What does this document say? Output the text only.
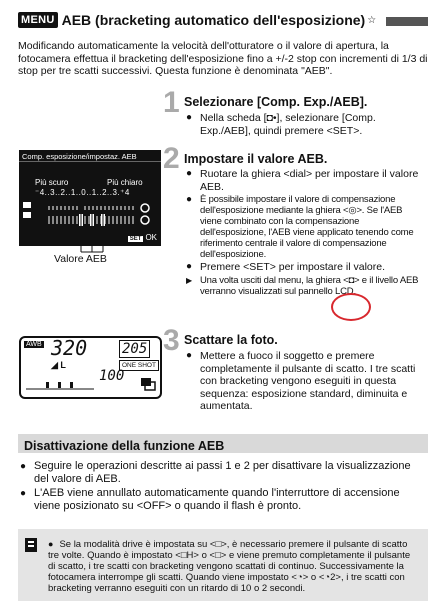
MENU AEB (bracketing automatico dell'esposizione) ☆

Modificando automaticamente la velocità dell'otturatore o il valore di apertura, la fotocamera effettua il bracketing dell'esposizione fino a +/-2 stop con incrementi di 1/3 di stop per tre scatti successivi. Questa funzione è denominata "AEB".

1 Selezionare [Comp. Exp./AEB].
● Nella scheda [◘•], selezionare [Comp. Exp./AEB], quindi premere <SET>.
Comp. esposizione/impostaz. AEB
Più scuro	Più chiaro
⁻4..3..2..1..0..1..2..3.⁺4
SET OK
Valore AEB
2 Impostare il valore AEB.
● Ruotare la ghiera <dial> per impostare il valore AEB.
● È possibile impostare il valore di compensazione dell'esposizione mediante la ghiera <◎>. Se l'AEB viene combinato con la compensazione dell'esposizione, l'AEB viene applicato tenendo come riferimento centrale il valore di compensazione dell'esposizione.
● Premere <SET> per impostare il valore.
▶ Una volta usciti dal menu, la ghiera <◘> e il livello AEB verranno visualizzati sul pannello LCD.
AWB 320 205
◢ L	ONE SHOT
100
3 Scattare la foto.
● Mettere a fuoco il soggetto e premere completamente il pulsante di scatto. I tre scatti con bracketing vengono eseguiti in questa sequenza: esposizione standard, diminuita e aumentata.
Disattivazione della funzione AEB
● Seguire le operazioni descritte ai passi 1 e 2 per disattivare la visualizzazione del valore di AEB.
● L'AEB viene annullato automaticamente quando l'interruttore di accensione viene posizionato su <OFF> o quando il flash è pronto.

● Se la modalità drive è impostata su <□>, è necessario premere il pulsante di scatto tre volte. Quando è impostato <□H> o <□> e viene premuto completamente il pulsante di scatto, i tre scatti con bracketing vengono scattati di continuo. Successivamente la fotocamera interrompe gli scatti. Quando viene impostato <◔> o <◔2>, i tre scatti con bracketing verranno eseguiti con un ritardo di 10 o 2 secondi.
